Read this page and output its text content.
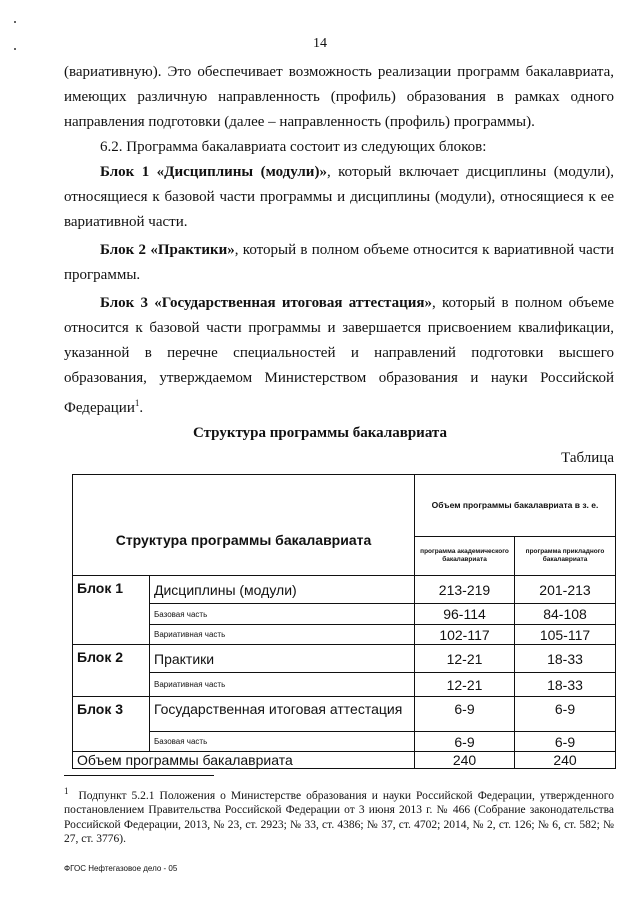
14

(вариативную). Это обеспечивает возможность реализации программ бакалавриата, имеющих различную направленность (профиль) образования в рамках одного направления подготовки (далее – направленность (профиль) программы).

6.2. Программа бакалавриата состоит из следующих блоков:

Блок 1 «Дисциплины (модули)», который включает дисциплины (модули), относящиеся к базовой части программы и дисциплины (модули), относящиеся к ее вариативной части.

Блок 2 «Практики», который в полном объеме относится к вариативной части программы.

Блок 3 «Государственная итоговая аттестация», который в полном объеме относится к базовой части программы и завершается присвоением квалификации, указанной в перечне специальностей и направлений подготовки высшего образования, утверждаемом Министерством образования и науки Российской Федерации$^1$.

Структура программы бакалавриата
Таблица
Структура программы бакалавриата		Объем программы бакалавриата в з. е.	
		программа академического бакалавриата	программа прикладного бакалавриата
Блок 1	Дисциплины (модули)	213-219	201-213
	Базовая часть	96-114	84-108
	Вариативная часть	102-117	105-117
Блок 2	Практики	12-21	18-33
	Вариативная часть	12-21	18-33
Блок 3	Государственная итоговая аттестация	6-9	6-9
	Базовая часть	6-9	6-9
Объем программы бакалавриата		240	240

$^1$ Подпункт 5.2.1 Положения о Министерстве образования и науки Российской Федерации, утвержденного постановлением Правительства Российской Федерации от 3 июня 2013 г. № 466 (Собрание законодательства Российской Федерации, 2013, № 23, ст. 2923; № 33, ст. 4386; № 37, ст. 4702; 2014, № 2, ст. 126; № 6, ст. 582; № 27, ст. 3776).

ФГОС Нефтегазовое дело - 05
